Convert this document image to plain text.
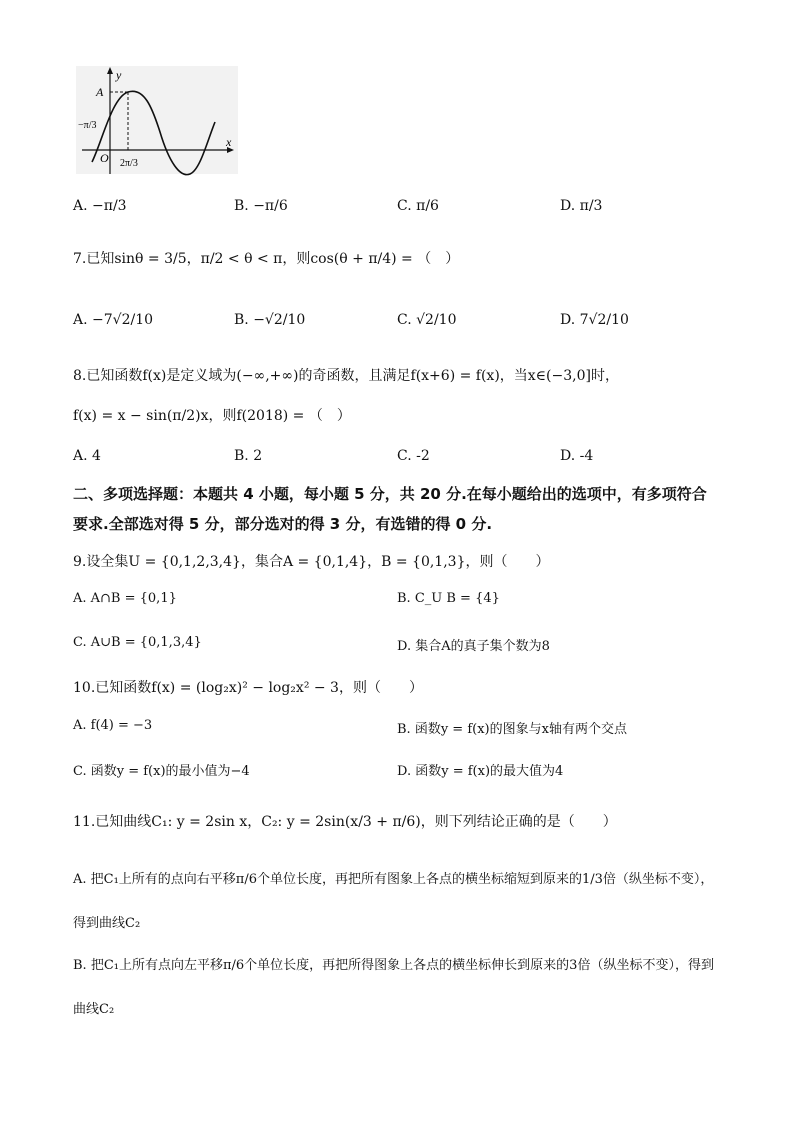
y
A
x
O
−π/3
2π/3
A. −π/3	B. −π/6	C. π/6	D. π/3
7.已知sinθ = 3/5，π/2 < θ < π，则cos(θ + π/4) = （　）
A. −7√2/10	B. −√2/10	C. √2/10	D. 7√2/10
8.已知函数f(x)是定义域为(−∞,+∞)的奇函数，且满足f(x+6) = f(x)，当x∈(−3,0]时，
f(x) = x − sin(π/2)x，则f(2018) = （　）
A. 4	B. 2	C. -2	D. -4
二、多项选择题：本题共 4 小题，每小题 5 分，共 20 分.在每小题给出的选项中，有多项符合
要求.全部选对得 5 分，部分选对的得 3 分，有选错的得 0 分.
9.设全集U = {0,1,2,3,4}，集合A = {0,1,4}，B = {0,1,3}，则（　　）
A. A∩B = {0,1}	B. C_U B = {4}
C. A∪B = {0,1,3,4}	D. 集合A的真子集个数为8
10.已知函数f(x) = (log₂x)² − log₂x² − 3，则（　　）
A. f(4) = −3	B. 函数y = f(x)的图象与x轴有两个交点
C. 函数y = f(x)的最小值为−4	D. 函数y = f(x)的最大值为4
11.已知曲线C₁: y = 2sin x，C₂: y = 2sin(x/3 + π/6)，则下列结论正确的是（　　）
A. 把C₁上所有的点向右平移π/6个单位长度，再把所有图象上各点的横坐标缩短到原来的1/3倍（纵坐标不变），得到曲线C₂
B. 把C₁上所有点向左平移π/6个单位长度，再把所得图象上各点的横坐标伸长到原来的3倍（纵坐标不变），得到曲线C₂
